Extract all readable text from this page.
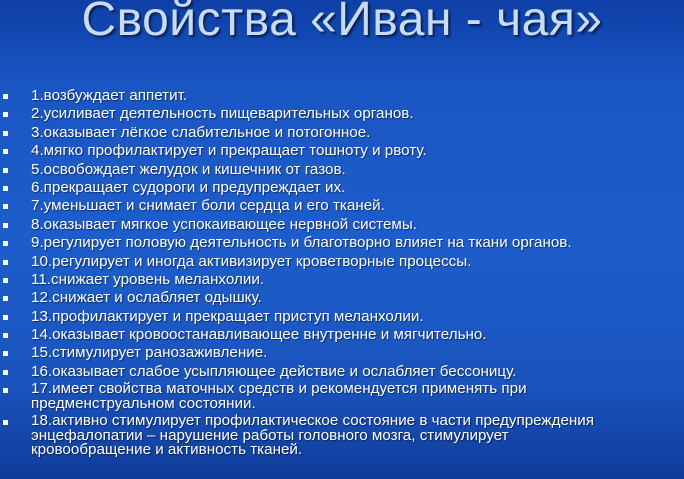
Свойства «Иван - чая»
1.возбуждает аппетит.
2.усиливает деятельность пищеварительных органов.
3.оказывает лёгкое слабительное и потогонное.
4.мягко профилактирует и прекращает тошноту и рвоту.
5.освобождает желудок и кишечник от газов.
6.прекращает судороги и предупреждает их.
7.уменьшает и снимает боли сердца и его тканей.
8.оказывает мягкое успокаивающее нервной системы.
9.регулирует половую деятельность и благотворно влияет на ткани органов.
10.регулирует и иногда активизирует кроветворные процессы.
11.снижает уровень меланхолии.
12.снижает и ослабляет одышку.
13.профилактирует и прекращает приступ меланхолии.
14.оказывает кровоостанавливающее внутренне и мягчительно.
15.стимулирует ранозаживление.
16.оказывает слабое усыпляющее действие и ослабляет бессоницу.
17.имеет свойства маточных средств и рекомендуется применять при
предменструальном состоянии.
18.активно стимулирует профилактическое состояние в части предупреждения
энцефалопатии – нарушение работы головного мозга, стимулирует
кровообращение и активность тканей.
